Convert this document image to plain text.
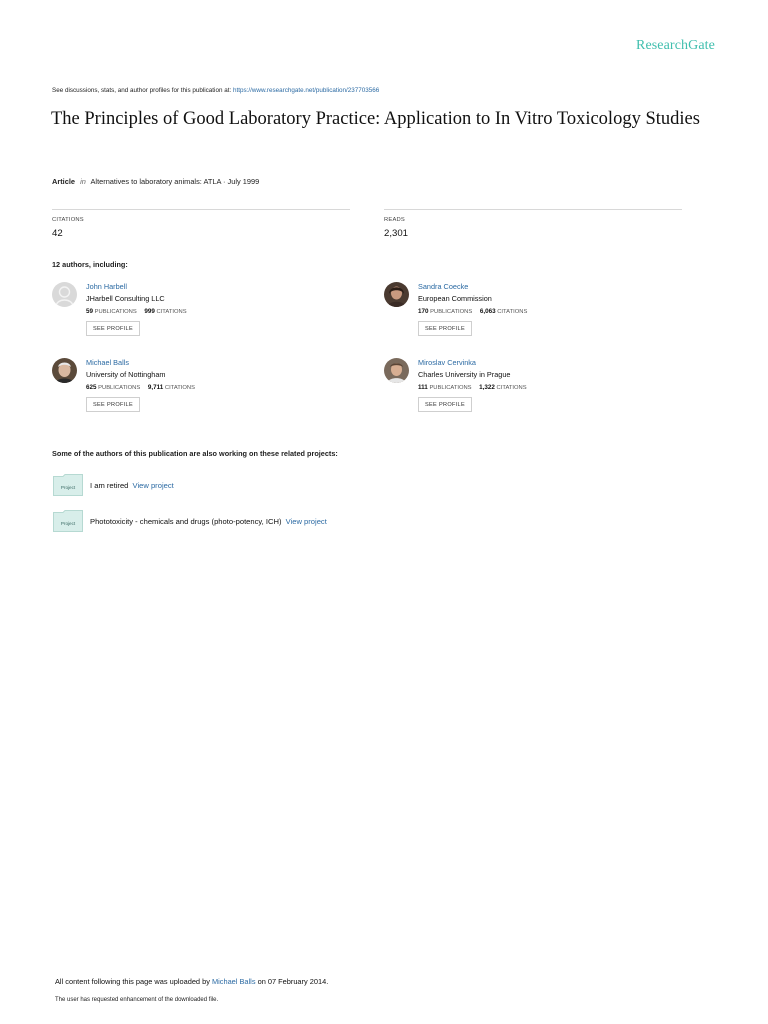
ResearchGate
See discussions, stats, and author profiles for this publication at: https://www.researchgate.net/publication/237703566
The Principles of Good Laboratory Practice: Application to In Vitro Toxicology Studies
Article in Alternatives to laboratory animals: ATLA · July 1999
CITATIONS
42
READS
2,301
12 authors, including:
John Harbell
JHarbell Consulting LLC
59 PUBLICATIONS 999 CITATIONS
SEE PROFILE
Sandra Coecke
European Commission
170 PUBLICATIONS 6,063 CITATIONS
SEE PROFILE
Michael Balls
University of Nottingham
625 PUBLICATIONS 9,711 CITATIONS
SEE PROFILE
Miroslav Cervinka
Charles University in Prague
111 PUBLICATIONS 1,322 CITATIONS
SEE PROFILE
Some of the authors of this publication are also working on these related projects:
Project I am retired View project
Project Phototoxicity - chemicals and drugs (photo-potency, ICH) View project
All content following this page was uploaded by Michael Balls on 07 February 2014.
The user has requested enhancement of the downloaded file.
